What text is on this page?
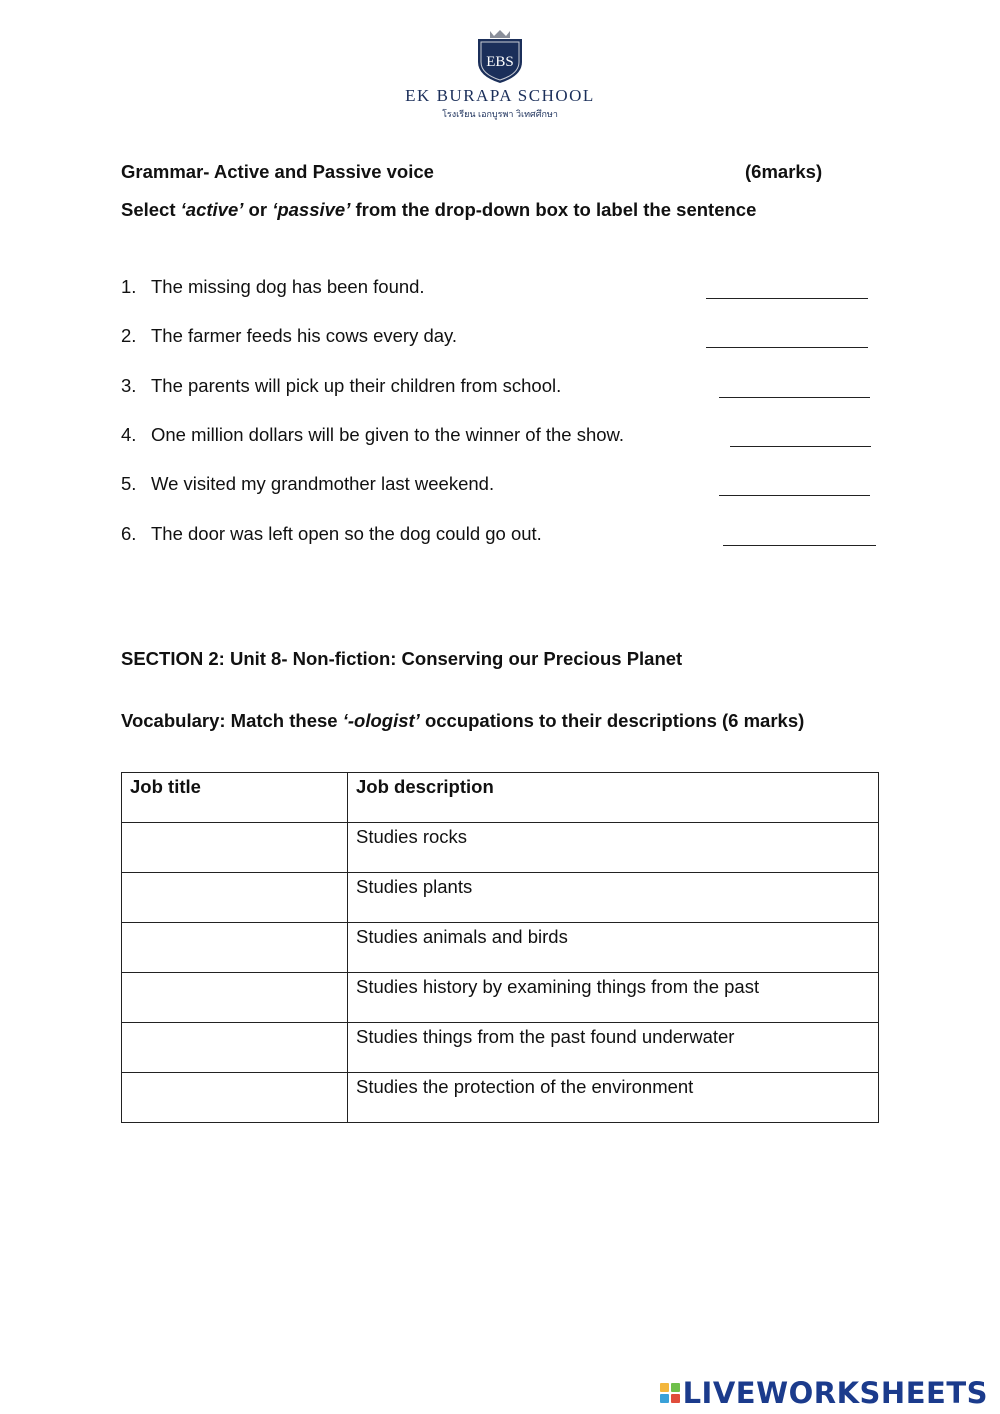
EBS
EK BURAPA SCHOOL
โรงเรียน เอกบูรพา วิเทศศึกษา
Grammar- Active and Passive voice	(6marks)
Select ‘active’ or ‘passive’ from the drop-down box to label the sentence
1. The missing dog has been found.
2. The farmer feeds his cows every day.
3. The parents will pick up their children from school.
4. One million dollars will be given to the winner of the show.
5. We visited my grandmother last weekend.
6. The door was left open so the dog could go out.
SECTION 2: Unit 8- Non-fiction: Conserving our Precious Planet
Vocabulary: Match these ‘-ologist’ occupations to their descriptions (6 marks)
Job title	Job description
	Studies rocks
	Studies plants
	Studies animals and birds
	Studies history by examining things from the past
	Studies things from the past found underwater
	Studies the protection of the environment
LIVEWORKSHEETS
